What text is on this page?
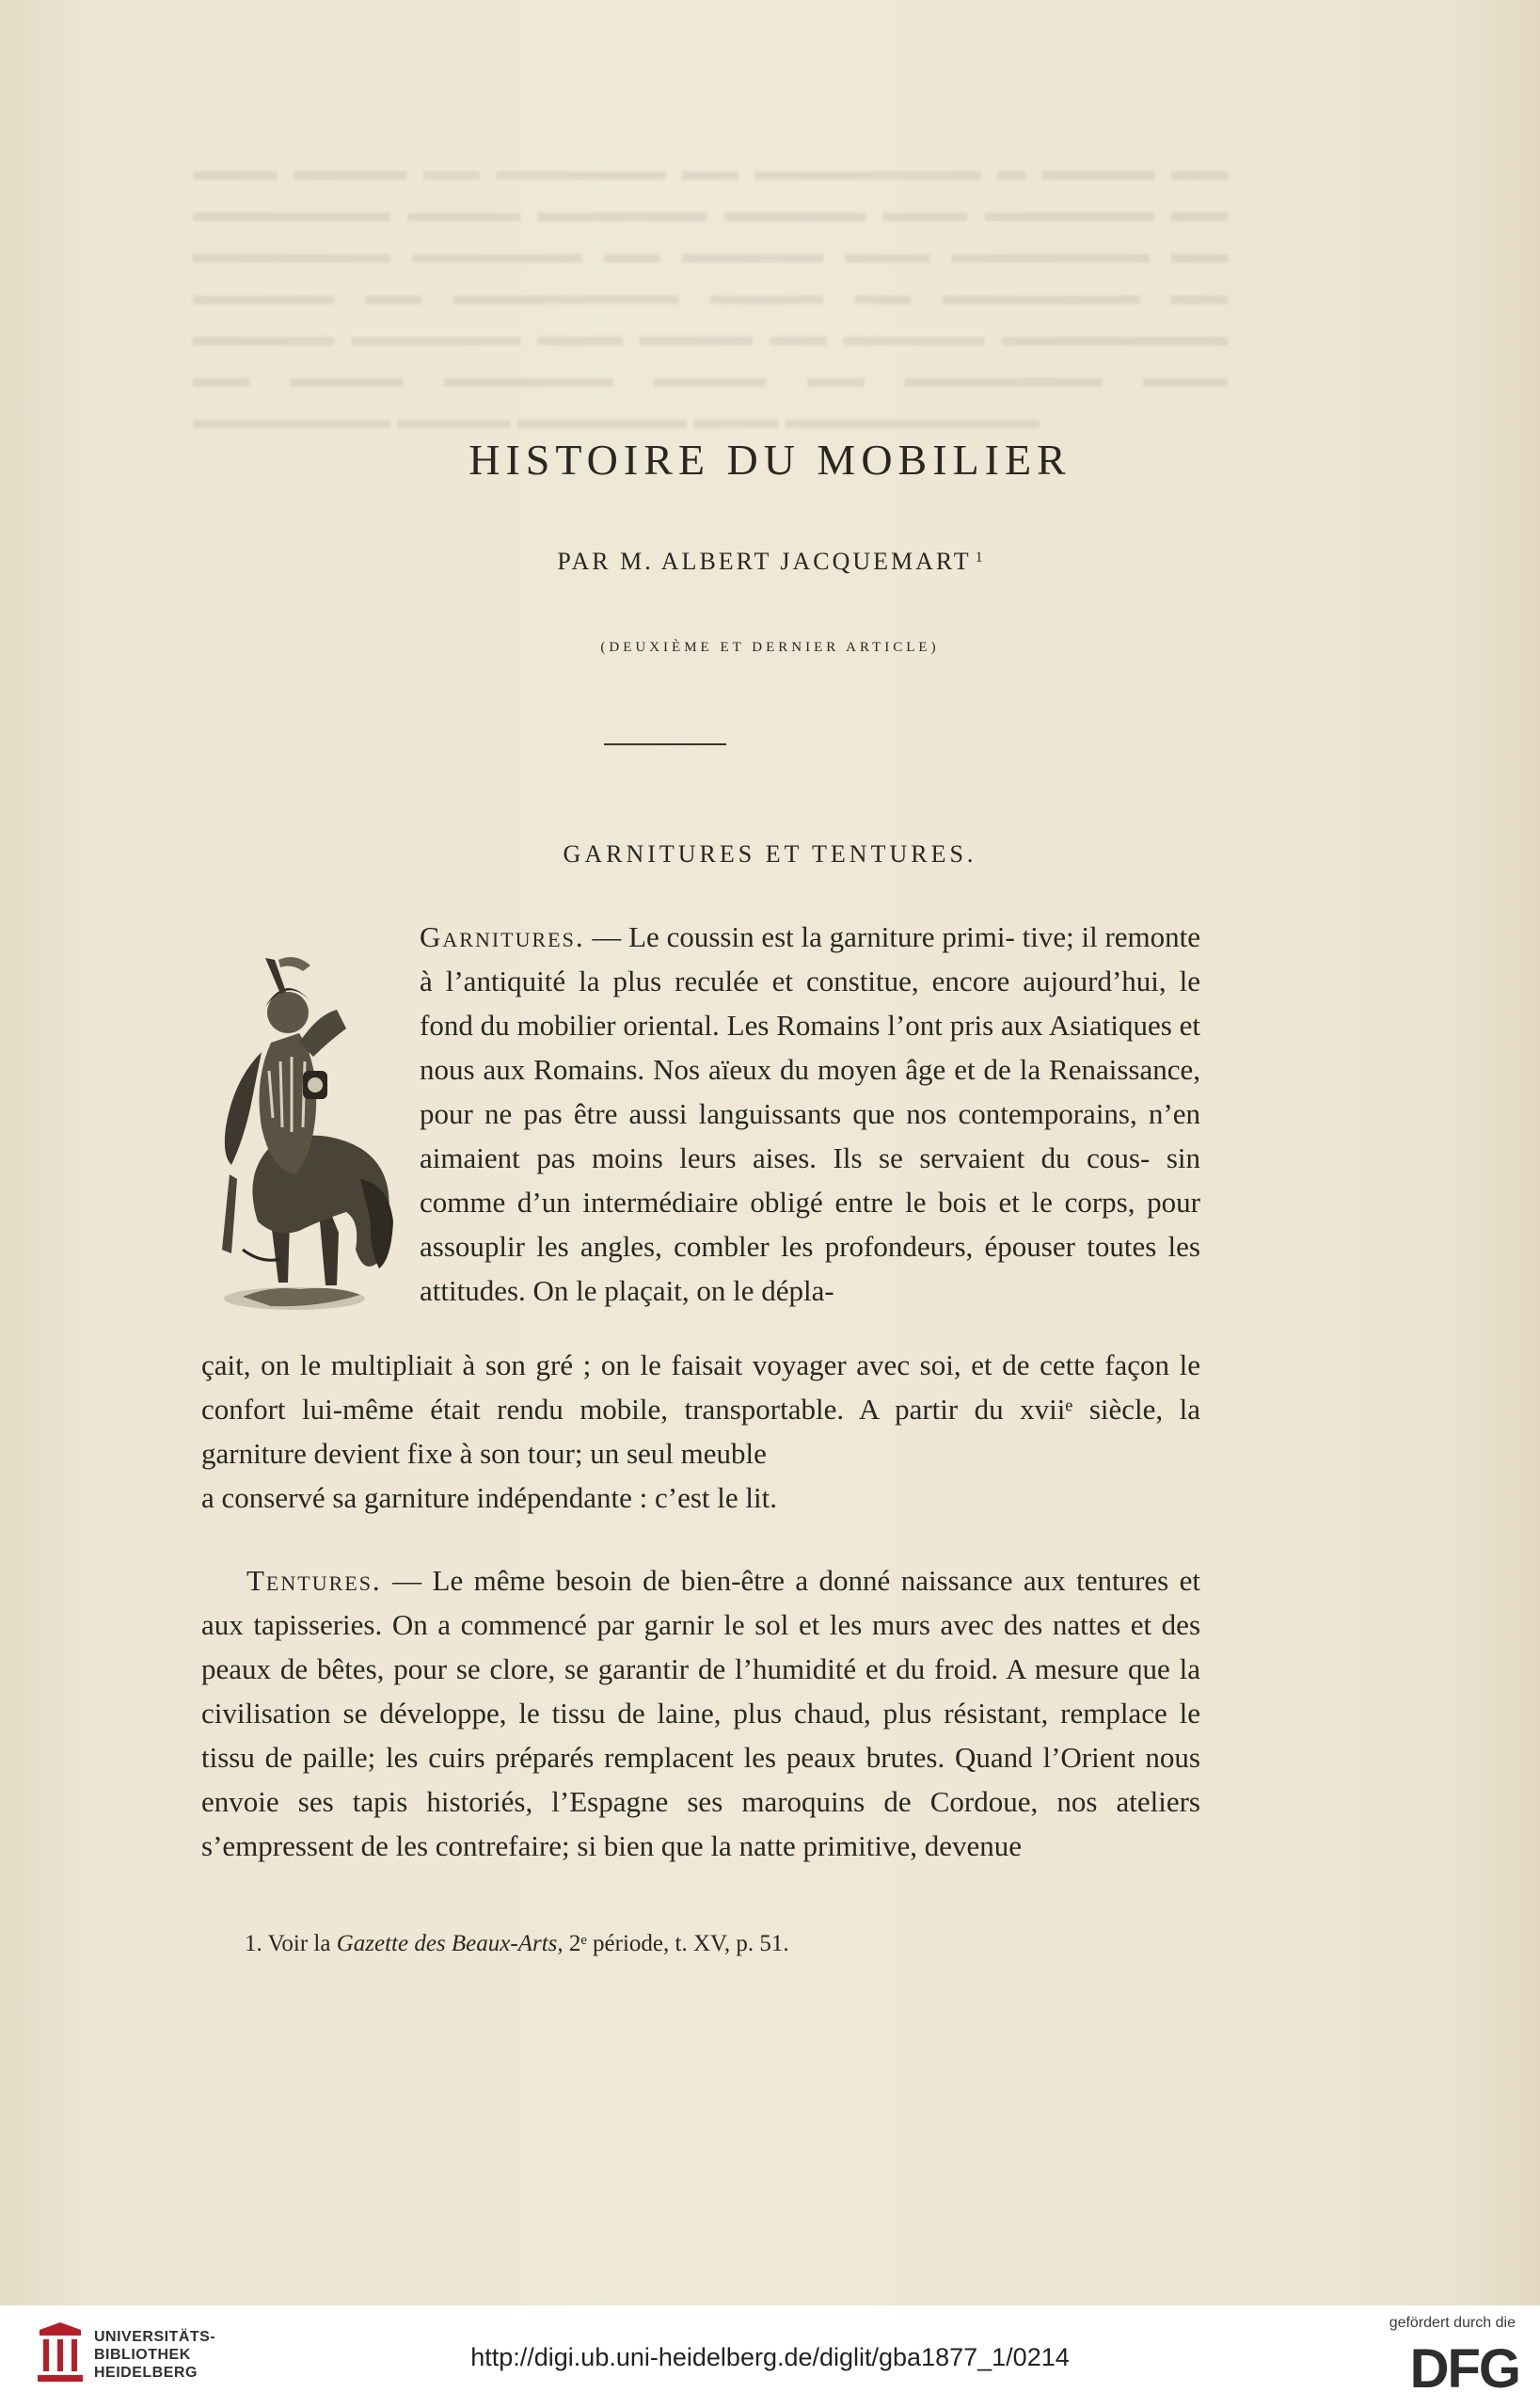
▬▬▬ ▬▬▬▬ ▬▬ ▬▬▬▬▬▬ ▬▬ ▬▬▬▬▬▬▬▬ ▬ ▬▬▬▬ ▬▬ ▬▬▬▬▬▬▬ ▬▬▬▬ ▬▬▬▬▬▬ ▬▬▬▬▬ ▬▬▬ ▬▬▬▬▬▬ ▬▬ ▬▬▬▬▬▬▬ ▬▬▬▬▬▬ ▬▬ ▬▬▬▬▬ ▬▬▬ ▬▬▬▬▬▬▬ ▬▬ ▬▬▬▬▬ ▬▬ ▬▬▬▬▬▬▬▬ ▬▬▬▬ ▬▬ ▬▬▬▬▬▬▬ ▬▬ ▬▬▬▬▬ ▬▬▬▬▬▬ ▬▬▬ ▬▬▬▬ ▬▬ ▬▬▬▬▬ ▬▬▬▬▬▬▬▬ ▬▬ ▬▬▬▬ ▬▬▬▬▬▬ ▬▬▬▬ ▬▬ ▬▬▬▬▬▬▬ ▬▬▬ ▬▬▬▬▬▬▬ ▬▬▬▬ ▬▬▬▬▬▬ ▬▬▬ ▬▬▬▬▬▬▬▬▬
HISTOIRE DU MOBILIER
PAR M. ALBERT JACQUEMART $^1$
(DEUXIÈME ET DERNIER ARTICLE)
GARNITURES ET TENTURES.

Garnitures. — Le coussin est la garniture primi- tive; il remonte à l’antiquité la plus reculée et constitue, encore aujourd’hui, le fond du mobilier oriental. Les Romains l’ont pris aux Asiatiques et nous aux Romains. Nos aïeux du moyen âge et de la Renaissance, pour ne pas être aussi languissants que nos contemporains, n’en aimaient pas moins leurs aises. Ils se servaient du cous- sin comme d’un intermédiaire obligé entre le bois et le corps, pour assouplir les angles, combler les profondeurs, épouser toutes les attitudes. On le plaçait, on le dépla-

çait, on le multipliait à son gré ; on le faisait voyager avec soi, et de cette façon le confort lui-même était rendu mobile, transportable. A partir du xviiᵉ siècle, la garniture devient fixe à son tour; un seul meuble

a conservé sa garniture indépendante : c’est le lit.

Tentures. — Le même besoin de bien-être a donné naissance aux tentures et aux tapisseries. On a commencé par garnir le sol et les murs avec des nattes et des peaux de bêtes, pour se clore, se garantir de l’humidité et du froid. A mesure que la civilisation se développe, le tissu de laine, plus chaud, plus résistant, remplace le tissu de paille; les cuirs préparés remplacent les peaux brutes. Quand l’Orient nous envoie ses tapis historiés, l’Espagne ses maroquins de Cordoue, nos ateliers s’empressent de les contrefaire; si bien que la natte primitive, devenue

1. Voir la Gazette des Beaux-Arts, 2ᵉ période, t. XV, p. 51.
UNIVERSITÄTS-
BIBLIOTHEK
HEIDELBERG
http://digi.ub.uni-heidelberg.de/diglit/gba1877_1/0214
gefördert durch die
DFG
